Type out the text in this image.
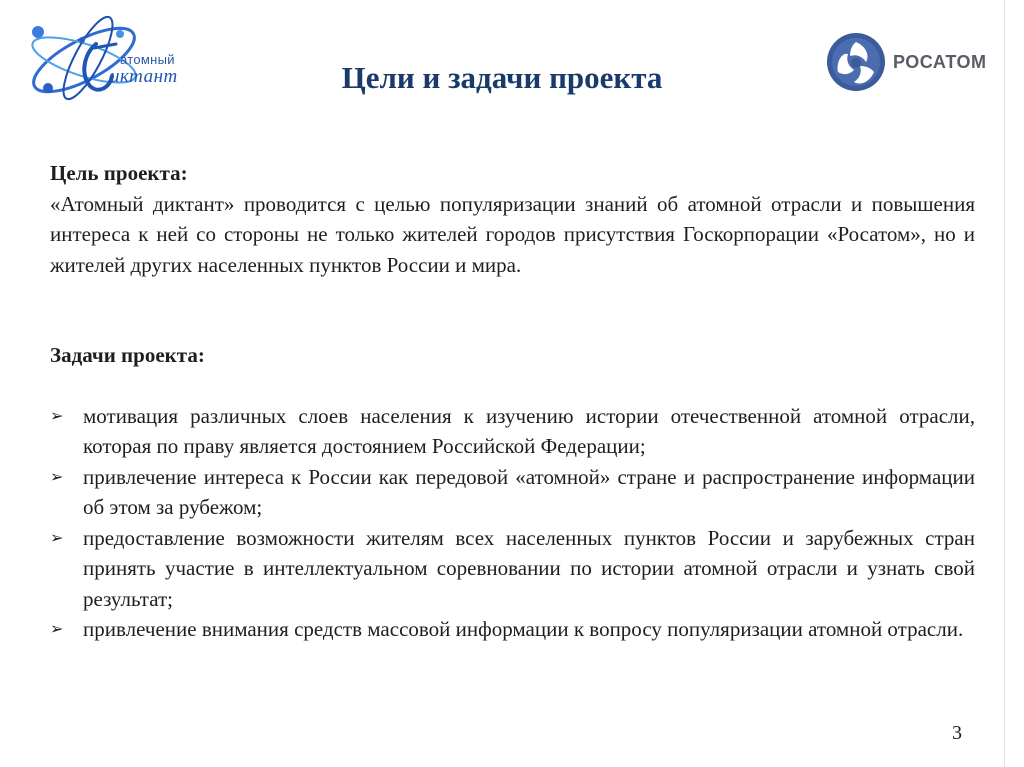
атомный
иктант
РОСАТОМ
Цели и задачи проекта
Цель проекта:

«Атомный диктант» проводится с целью популяризации знаний об атомной отрасли и повышения интереса к ней со стороны не только жителей городов присутствия Госкорпорации «Росатом», но и жителей других населенных пунктов России и мира.

Задачи проекта:
➢ мотивация различных слоев населения к изучению истории отечественной атомной отрасли, которая по праву является достоянием Российской Федерации;
➢ привлечение интереса к России как передовой «атомной» стране и распространение информации об этом за рубежом;
➢ предоставление возможности жителям всех населенных пунктов России и зарубежных стран принять участие в интеллектуальном соревновании по истории атомной отрасли и узнать свой результат;
➢ привлечение внимания средств массовой информации к вопросу популяризации атомной отрасли.
3
